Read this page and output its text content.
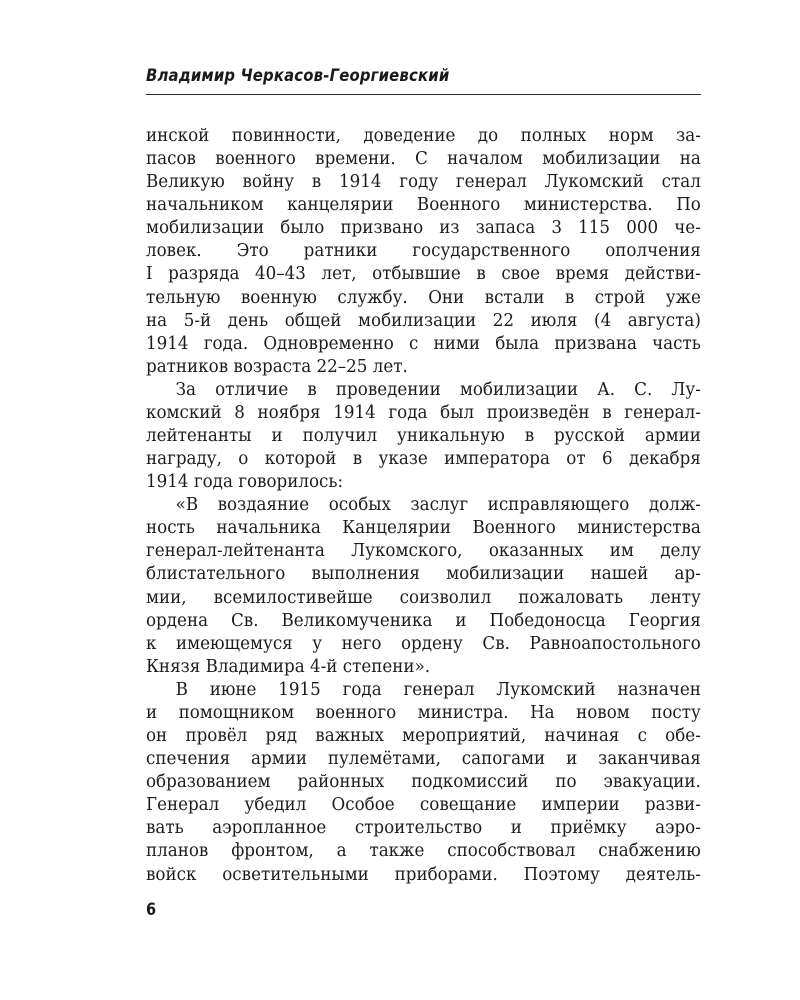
Владимир Черкасов-Георгиевский
инской повинности, доведение до полных норм за-
пасов военного времени. С началом мобилизации на
Великую войну в 1914 году генерал Лукомский стал
начальником канцелярии Военного министерства. По
мобилизации было призвано из запаса 3 115 000 че-
ловек. Это ратники государственного ополчения
I разряда 40–43 лет, отбывшие в свое время действи-
тельную военную службу. Они встали в строй уже
на 5-й день общей мобилизации 22 июля (4 августа)
1914 года. Одновременно с ними была призвана часть
ратников возраста 22–25 лет.
За отличие в проведении мобилизации А. С. Лу-
комский 8 ноября 1914 года был произведён в генерал-
лейтенанты и получил уникальную в русской армии
награду, о которой в указе императора от 6 декабря
1914 года говорилось:
«В воздаяние особых заслуг исправляющего долж-
ность начальника Канцелярии Военного министерства
генерал-лейтенанта Лукомского, оказанных им делу
блистательного выполнения мобилизации нашей ар-
мии, всемилостивейше соизволил пожаловать ленту
ордена Св. Великомученика и Победоносца Георгия
к имеющемуся у него ордену Св. Равноапостольного
Князя Владимира 4-й степени».
В июне 1915 года генерал Лукомский назначен
и помощником военного министра. На новом посту
он провёл ряд важных мероприятий, начиная с обе-
спечения армии пулемётами, сапогами и заканчивая
образованием районных подкомиссий по эвакуации.
Генерал убедил Особое совещание империи разви-
вать аэропланное строительство и приёмку аэро-
планов фронтом, а также способствовал снабжению
войск осветительными приборами. Поэтому деятель-
6
